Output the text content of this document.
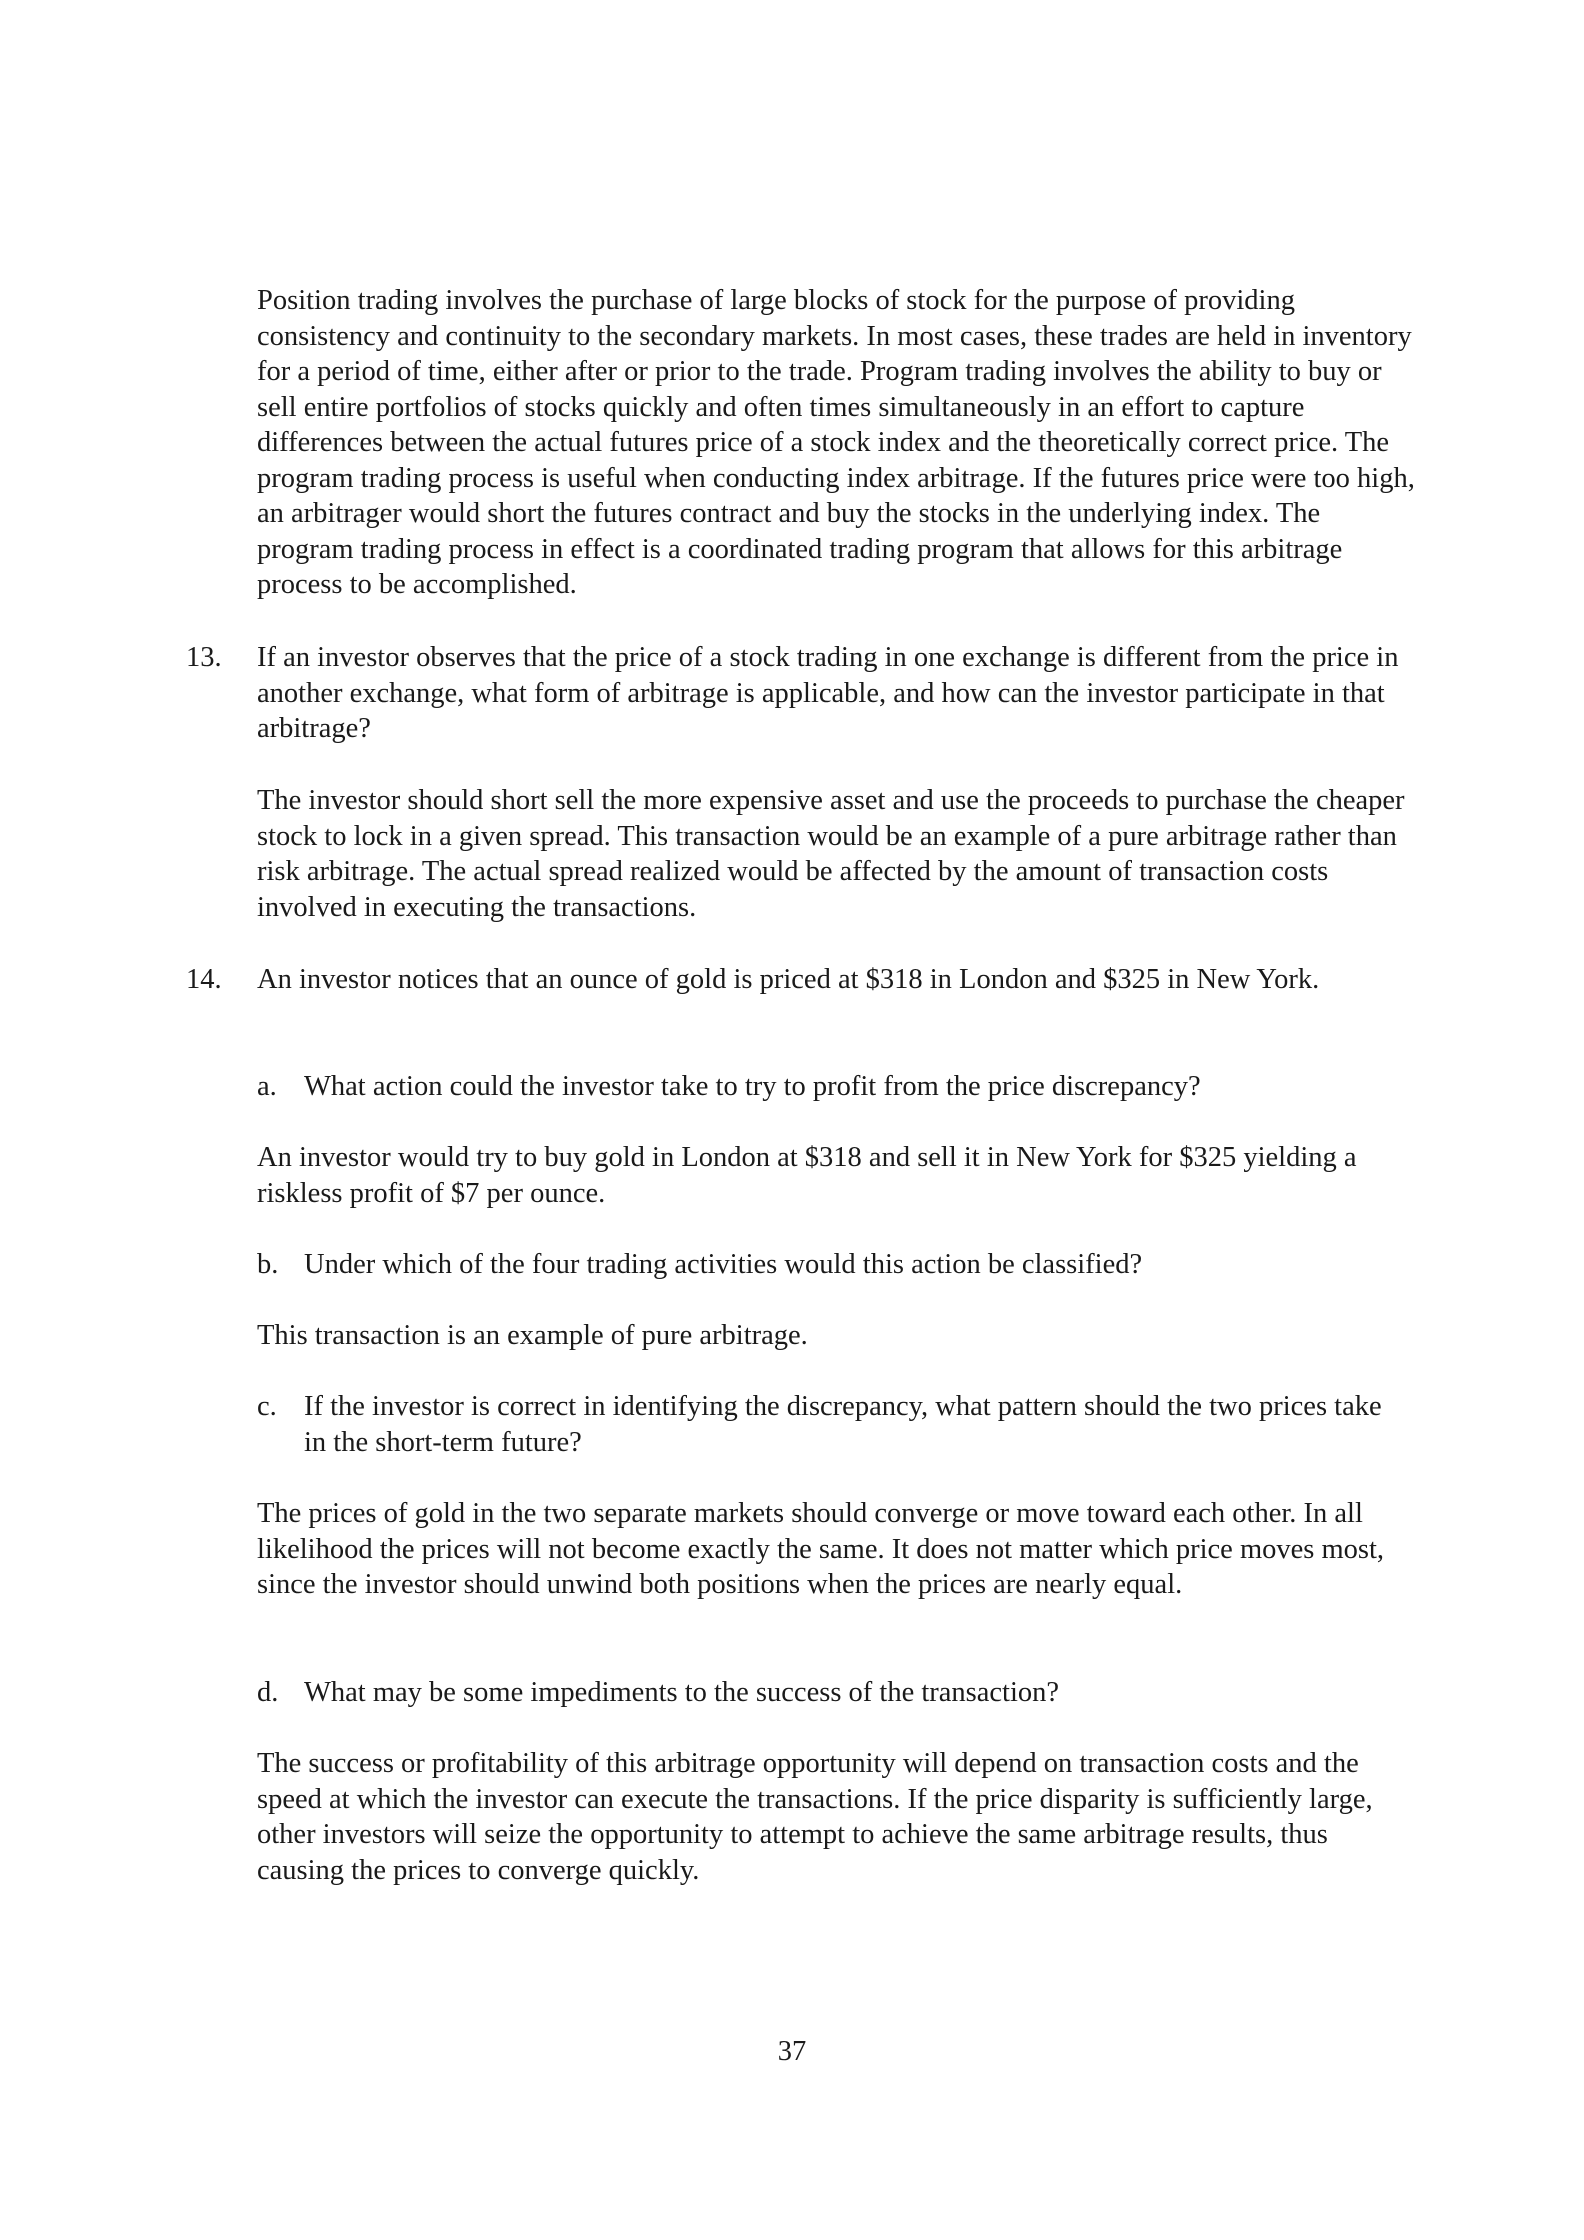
Position trading involves the purchase of large blocks of stock for the purpose of providing consistency and continuity to the secondary markets. In most cases, these trades are held in inventory for a period of time, either after or prior to the trade. Program trading involves the ability to buy or sell entire portfolios of stocks quickly and often times simultaneously in an effort to capture differences between the actual futures price of a stock index and the theoretically correct price. The program trading process is useful when conducting index arbitrage. If the futures price were too high, an arbitrager would short the futures contract and buy the stocks in the underlying index. The program trading process in effect is a coordinated trading program that allows for this arbitrage process to be accomplished.

13. If an investor observes that the price of a stock trading in one exchange is different from the price in another exchange, what form of arbitrage is applicable, and how can the investor participate in that arbitrage?

The investor should short sell the more expensive asset and use the proceeds to purchase the cheaper stock to lock in a given spread. This transaction would be an example of a pure arbitrage rather than risk arbitrage. The actual spread realized would be affected by the amount of transaction costs involved in executing the transactions.

14. An investor notices that an ounce of gold is priced at $318 in London and $325 in New York.

a. What action could the investor take to try to profit from the price discrepancy?

An investor would try to buy gold in London at $318 and sell it in New York for $325 yielding a riskless profit of $7 per ounce.

b. Under which of the four trading activities would this action be classified?

This transaction is an example of pure arbitrage.

c. If the investor is correct in identifying the discrepancy, what pattern should the two prices take in the short-term future?

The prices of gold in the two separate markets should converge or move toward each other. In all likelihood the prices will not become exactly the same. It does not matter which price moves most, since the investor should unwind both positions when the prices are nearly equal.

d. What may be some impediments to the success of the transaction?

The success or profitability of this arbitrage opportunity will depend on transaction costs and the speed at which the investor can execute the transactions. If the price disparity is sufficiently large, other investors will seize the opportunity to attempt to achieve the same arbitrage results, thus causing the prices to converge quickly.

37
